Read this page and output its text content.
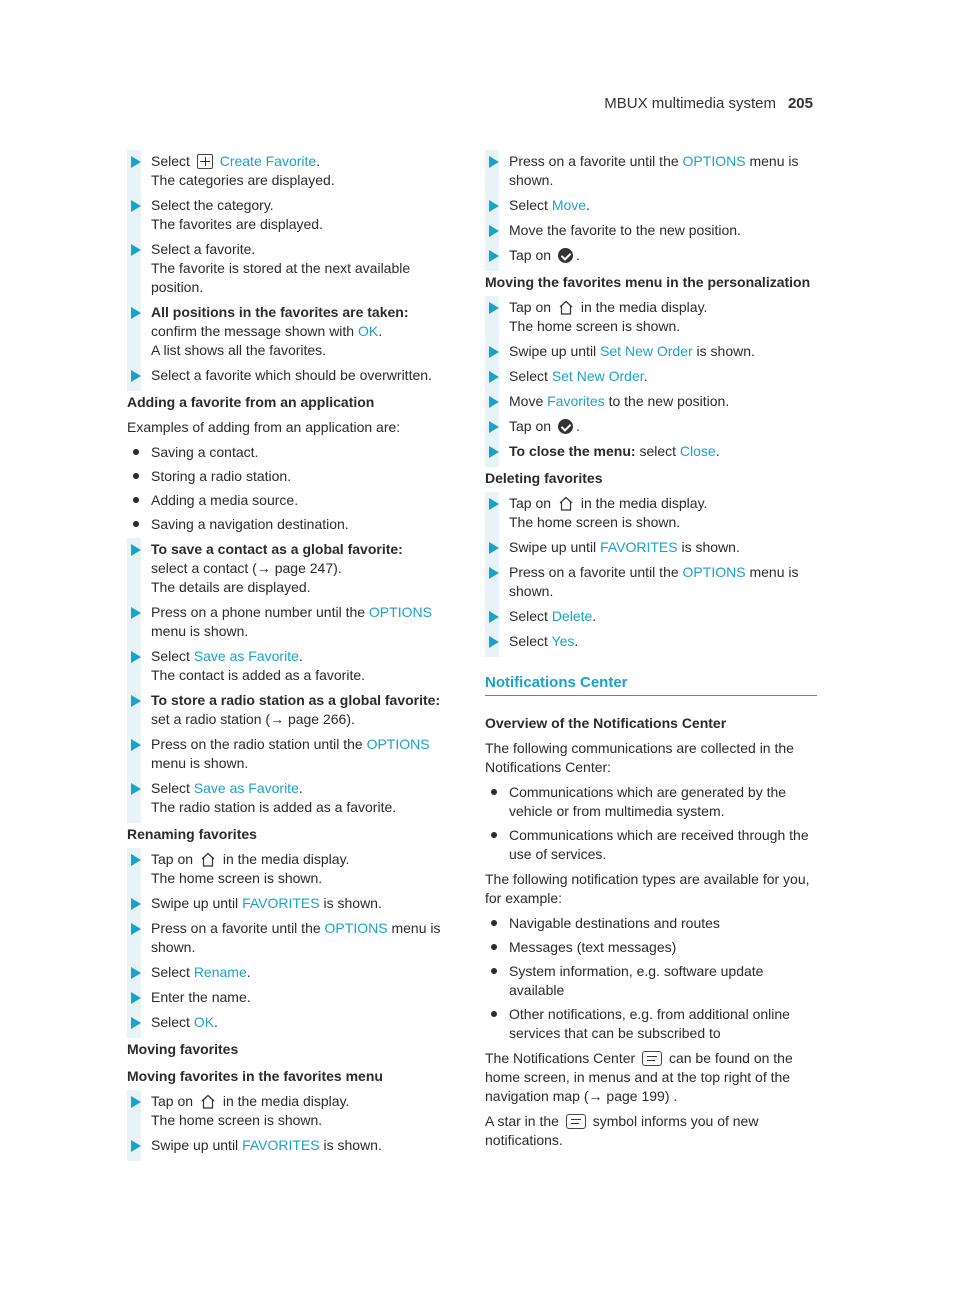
MBUX multimedia system 205
Select Create Favorite.
The categories are displayed.
Select the category.
The favorites are displayed.
Select a favorite.
The favorite is stored at the next available position.
All positions in the favorites are taken:
confirm the message shown with OK.
A list shows all the favorites.
Select a favorite which should be overwritten.
Adding a favorite from an application
Examples of adding from an application are:
Saving a contact.
Storing a radio station.
Adding a media source.
Saving a navigation destination.
To save a contact as a global favorite:
select a contact (→ page 247).
The details are displayed.
Press on a phone number until the OPTIONS menu is shown.
Select Save as Favorite.
The contact is added as a favorite.
To store a radio station as a global favorite: set a radio station (→ page 266).
Press on the radio station until the OPTIONS menu is shown.
Select Save as Favorite.
The radio station is added as a favorite.
Renaming favorites
Tap on in the media display.
The home screen is shown.
Swipe up until FAVORITES is shown.
Press on a favorite until the OPTIONS menu is shown.
Select Rename.
Enter the name.
Select OK.
Moving favorites
Moving favorites in the favorites menu
Tap on in the media display.
The home screen is shown.
Swipe up until FAVORITES is shown.
Press on a favorite until the OPTIONS menu is shown.
Select Move.
Move the favorite to the new position.
Tap on .
Moving the favorites menu in the personalization
Tap on in the media display.
The home screen is shown.
Swipe up until Set New Order is shown.
Select Set New Order.
Move Favorites to the new position.
Tap on .
To close the menu: select Close.
Deleting favorites
Tap on in the media display.
The home screen is shown.
Swipe up until FAVORITES is shown.
Press on a favorite until the OPTIONS menu is shown.
Select Delete.
Select Yes.
Notifications Center
Overview of the Notifications Center
The following communications are collected in the Notifications Center:
Communications which are generated by the vehicle or from multimedia system.
Communications which are received through the use of services.
The following notification types are available for you, for example:
Navigable destinations and routes
Messages (text messages)
System information, e.g. software update available
Other notifications, e.g. from additional online services that can be subscribed to
The Notifications Center can be found on the home screen, in menus and at the top right of the navigation map (→ page 199) .
A star in the symbol informs you of new notifications.
